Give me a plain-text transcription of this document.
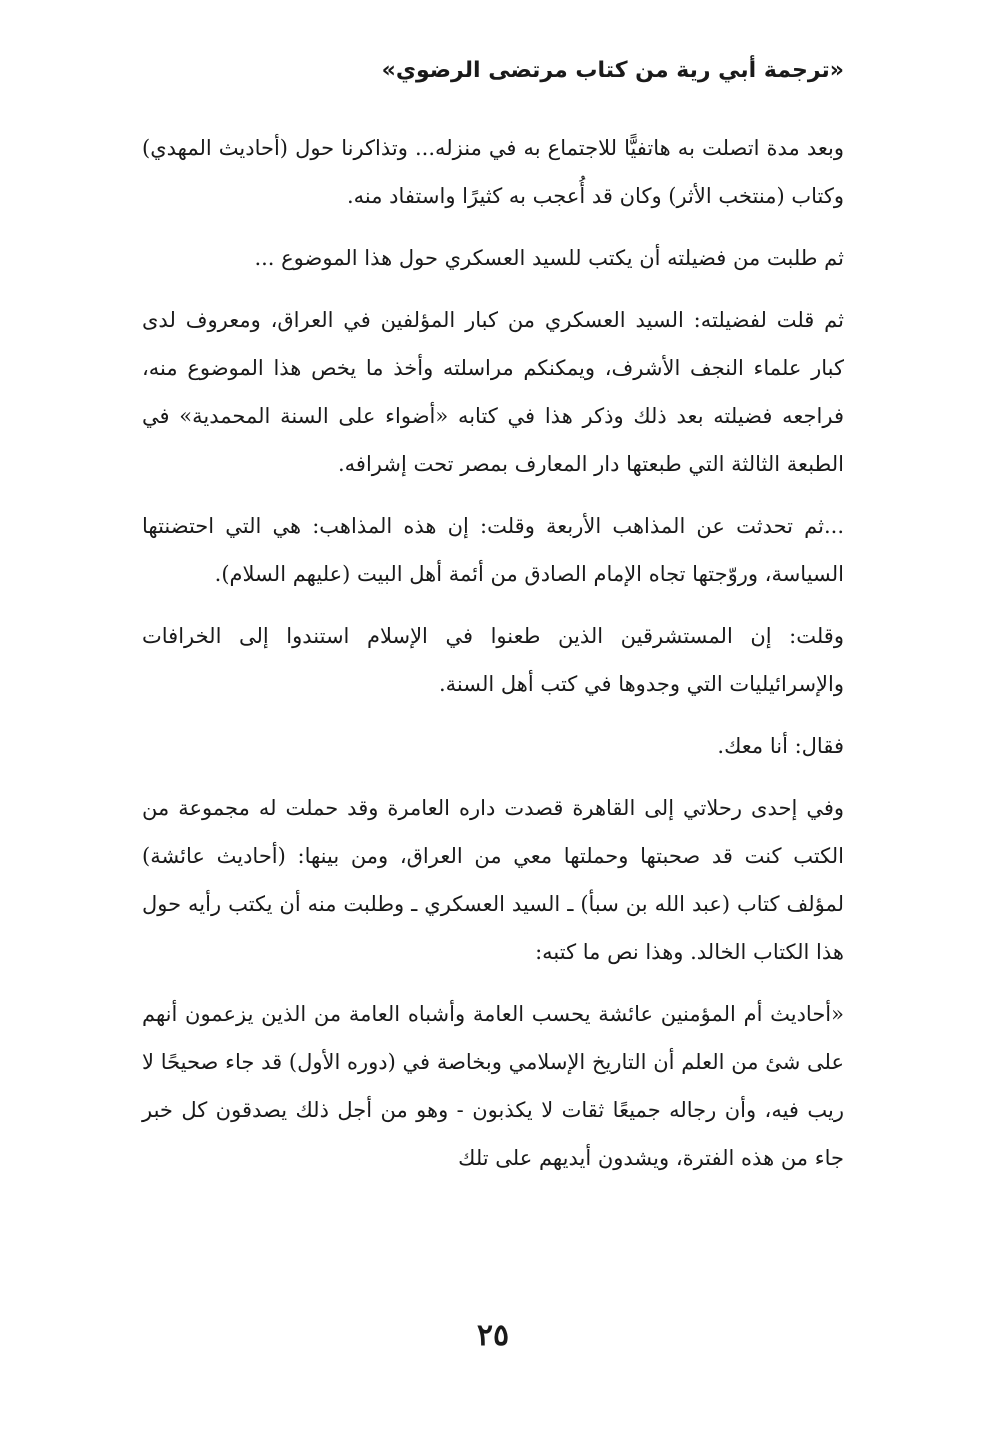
«ترجمة أبي رية من كتاب مرتضى الرضوي»

وبعد مدة اتصلت به هاتفيًّا للاجتماع به في منزله... وتذاكرنا حول (أحاديث المهدي) وكتاب (منتخب الأثر) وكان قد أُعجب به كثيرًا واستفاد منه.

ثم طلبت من فضيلته أن يكتب للسيد العسكري حول هذا الموضوع ...

ثم قلت لفضيلته: السيد العسكري من كبار المؤلفين في العراق، ومعروف لدى كبار علماء النجف الأشرف، ويمكنكم مراسلته وأخذ ما يخص هذا الموضوع منه، فراجعه فضيلته بعد ذلك وذكر هذا في كتابه «أضواء على السنة المحمدية» في الطبعة الثالثة التي طبعتها دار المعارف بمصر تحت إشرافه.

...ثم تحدثت عن المذاهب الأربعة وقلت: إن هذه المذاهب: هي التي احتضنتها السياسة، وروّجتها تجاه الإمام الصادق من أئمة أهل البيت (عليهم السلام).

وقلت: إن المستشرقين الذين طعنوا في الإسلام استندوا إلى الخرافات والإسرائيليات التي وجدوها في كتب أهل السنة.

فقال: أنا معك.

وفي إحدى رحلاتي إلى القاهرة قصدت داره العامرة وقد حملت له مجموعة من الكتب كنت قد صحبتها وحملتها معي من العراق، ومن بينها: (أحاديث عائشة) لمؤلف كتاب (عبد الله بن سبأ) ـ السيد العسكري ـ وطلبت منه أن يكتب رأيه حول هذا الكتاب الخالد. وهذا نص ما كتبه:

«أحاديث أم المؤمنين عائشة يحسب العامة وأشباه العامة من الذين يزعمون أنهم على شئ من العلم أن التاريخ الإسلامي وبخاصة في (دوره الأول) قد جاء صحيحًا لا ريب فيه، وأن رجاله جميعًا ثقات لا يكذبون - وهو من أجل ذلك يصدقون كل خبر جاء من هذه الفترة، ويشدون أيديهم على تلك

٢٥
